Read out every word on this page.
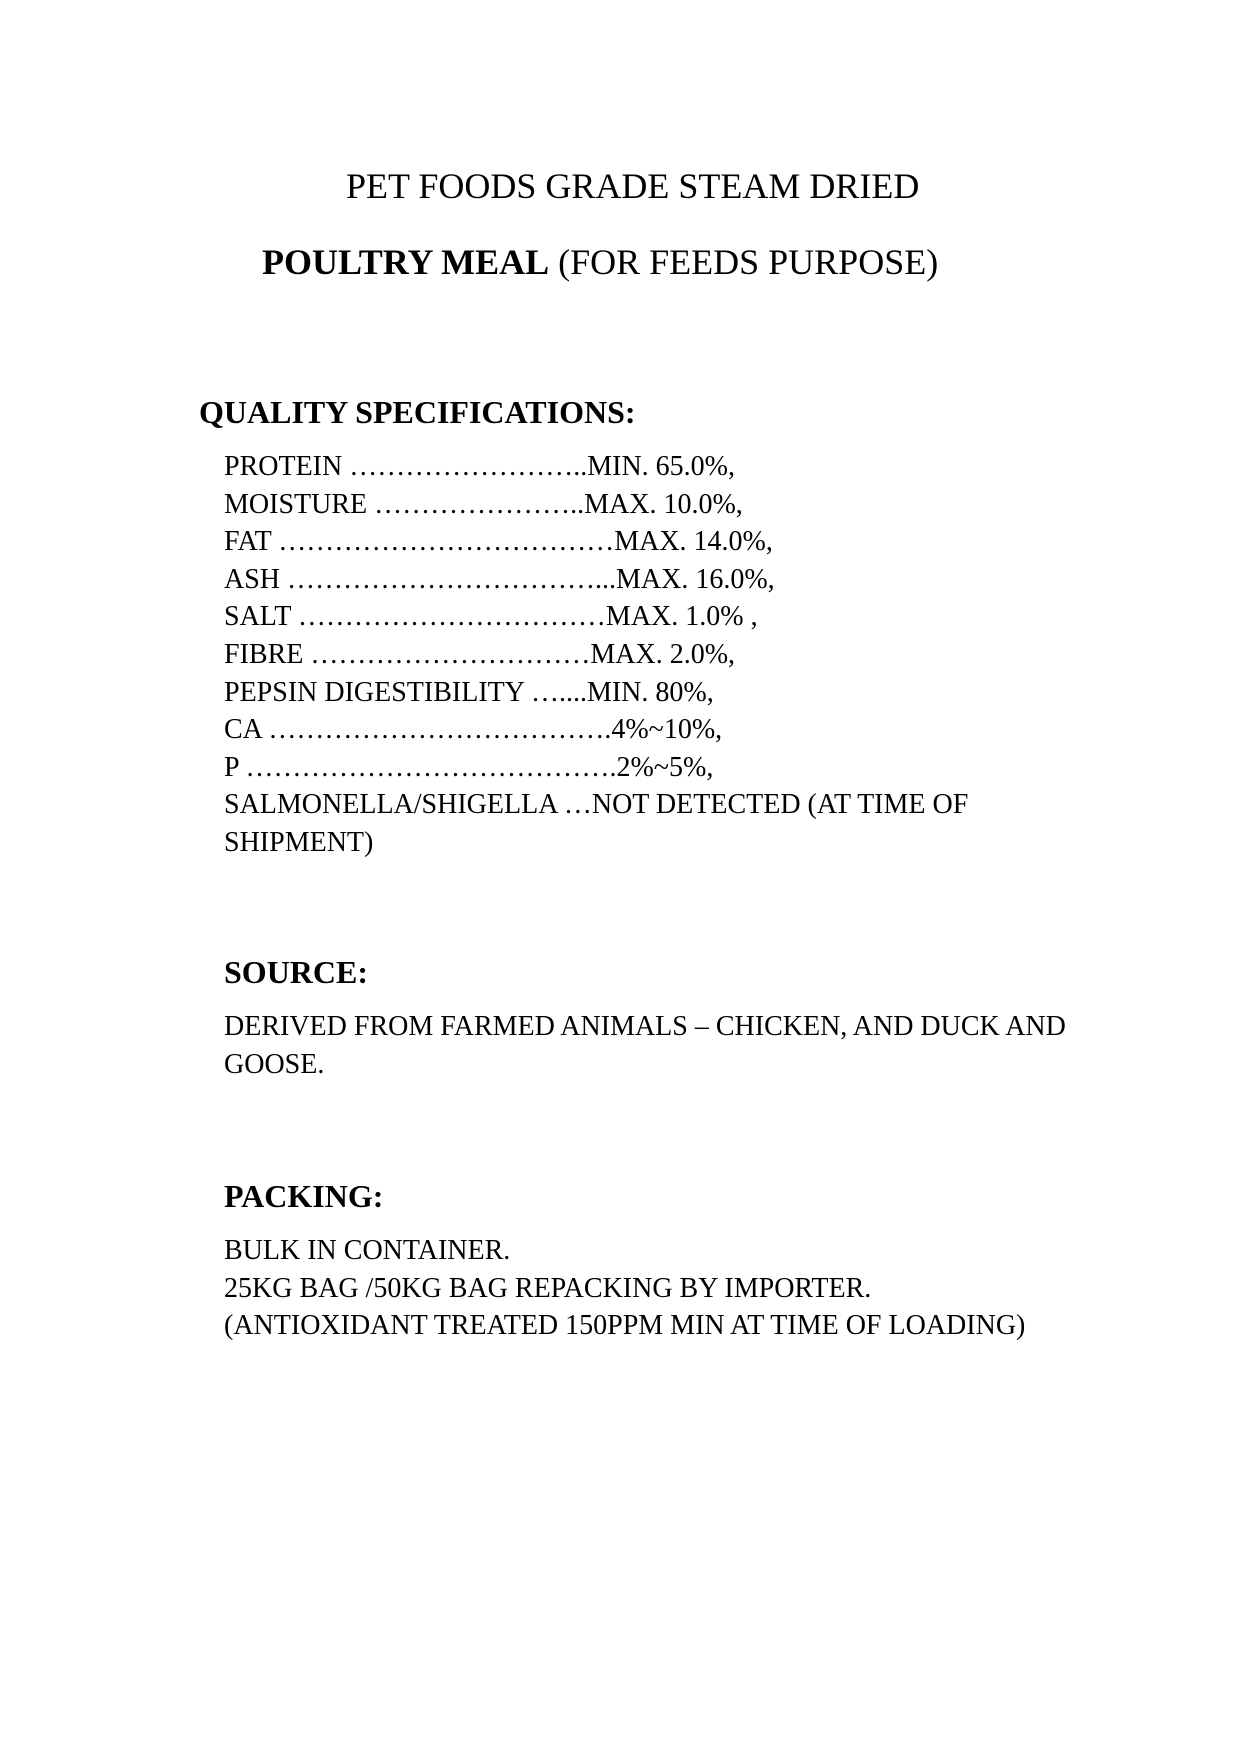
PET FOODS GRADE STEAM DRIED
POULTRY MEAL (FOR FEEDS PURPOSE)
QUALITY SPECIFICATIONS:
PROTEIN ……………………..MIN. 65.0%,
MOISTURE …………………..MAX. 10.0%,
FAT ………………………………MAX. 14.0%,
ASH ……………………………...MAX. 16.0%,
SALT ……………………………MAX. 1.0% ,
FIBRE …………………………MAX. 2.0%,
PEPSIN DIGESTIBILITY …....MIN. 80%,
CA ……………………………….4%~10%,
P ………………………………….2%~5%,
SALMONELLA/SHIGELLA …NOT DETECTED (AT TIME OF SHIPMENT)
SOURCE:
DERIVED FROM FARMED ANIMALS – CHICKEN, AND DUCK AND GOOSE.
PACKING:
BULK IN CONTAINER.
25KG BAG /50KG BAG REPACKING BY IMPORTER.
(ANTIOXIDANT TREATED 150PPM MIN AT TIME OF LOADING)
